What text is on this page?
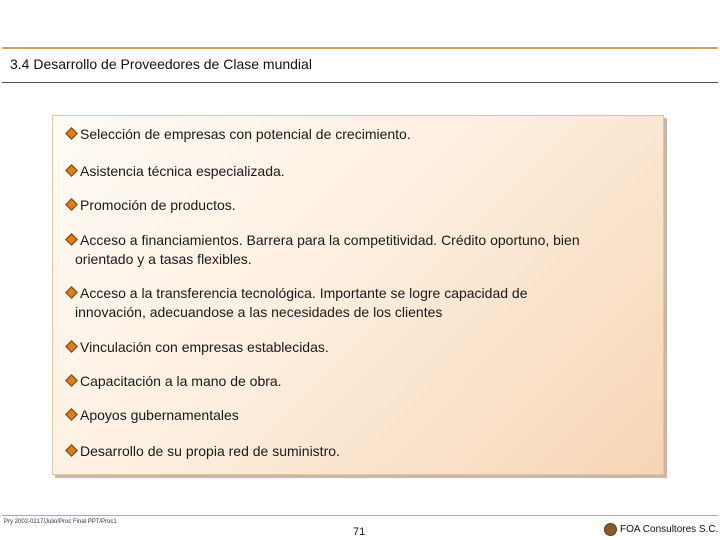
3.4 Desarrollo de Proveedores de Clase mundial
Selección de empresas con potencial de crecimiento.
Asistencia técnica especializada.
Promoción de productos.
Acceso a financiamientos. Barrera para la competitividad. Crédito oportuno, bien
orientado y a tasas flexibles.
Acceso a la transferencia tecnológica. Importante se logre capacidad de
innovación, adecuandose a las necesidades de los clientes
Vinculación con empresas establecidas.
Capacitación a la mano de obra.
Apoyos gubernamentales
Desarrollo de su propia red de suministro.
Pry 2002-0217/Julio/Proc Final PPT/Proc1
71	FOA Consultores S.C.
